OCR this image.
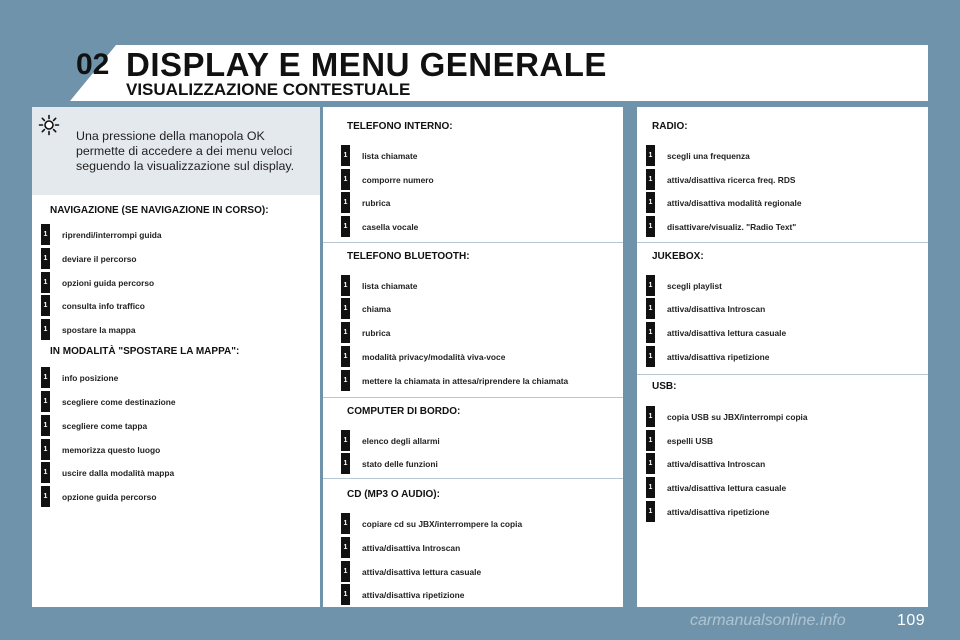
02 DISPLAY E MENU GENERALE
VISUALIZZAZIONE CONTESTUALE
Una pressione della manopola OK permette di accedere a dei menu veloci seguendo la visualizzazione sul display.
NAVIGAZIONE (SE NAVIGAZIONE IN CORSO):
1	riprendi/interrompi guida
1	deviare il percorso
1	opzioni guida percorso
1	consulta info traffico
1	spostare la mappa
IN MODALITÀ "SPOSTARE LA MAPPA":
1	info posizione
1	scegliere come destinazione
1	scegliere come tappa
1	memorizza questo luogo
1	uscire dalla modalità mappa
1	opzione guida percorso
TELEFONO INTERNO:
1	lista chiamate
1	comporre numero
1	rubrica
1	casella vocale
TELEFONO BLUETOOTH:
1	lista chiamate
1	chiama
1	rubrica
1	modalità privacy/modalità viva-voce
1	mettere la chiamata in attesa/riprendere la chiamata
COMPUTER DI BORDO:
1	elenco degli allarmi
1	stato delle funzioni
CD (MP3 O AUDIO):
1	copiare cd su JBX/interrompere la copia
1	attiva/disattiva Introscan
1	attiva/disattiva lettura casuale
1	attiva/disattiva ripetizione
RADIO:
1	scegli una frequenza
1	attiva/disattiva ricerca freq. RDS
1	attiva/disattiva modalità regionale
1	disattivare/visualiz. "Radio Text"
JUKEBOX:
1	scegli playlist
1	attiva/disattiva Introscan
1	attiva/disattiva lettura casuale
1	attiva/disattiva ripetizione
USB:
1	copia USB su JBX/interrompi copia
1	espelli USB
1	attiva/disattiva Introscan
1	attiva/disattiva lettura casuale
1	attiva/disattiva ripetizione
carmanualsonline.info	109
